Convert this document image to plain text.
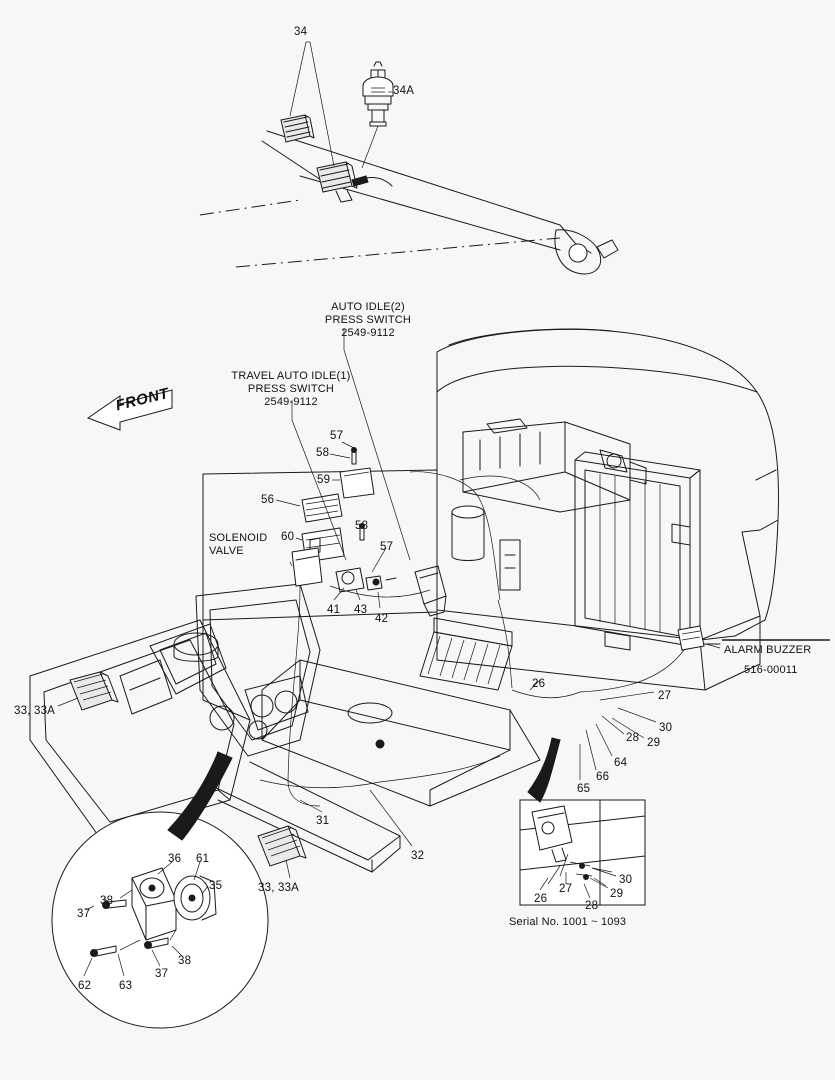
FRONT
AUTO IDLE(2)
PRESS SWITCH
2549-9112
TRAVEL AUTO IDLE(1)
PRESS SWITCH
2549-9112
SOLENOID
VALVE
ALARM BUZZER
516-00011
Serial No. 1001 ~ 1093
34
34A
57
58
59
56
60
58
57
41 43
42
26
27
30
29
28
64
66
65
31
32
33, 33A
33, 33A
36 61
35
38
37
37
38
62 63
26
27
30
29
28
